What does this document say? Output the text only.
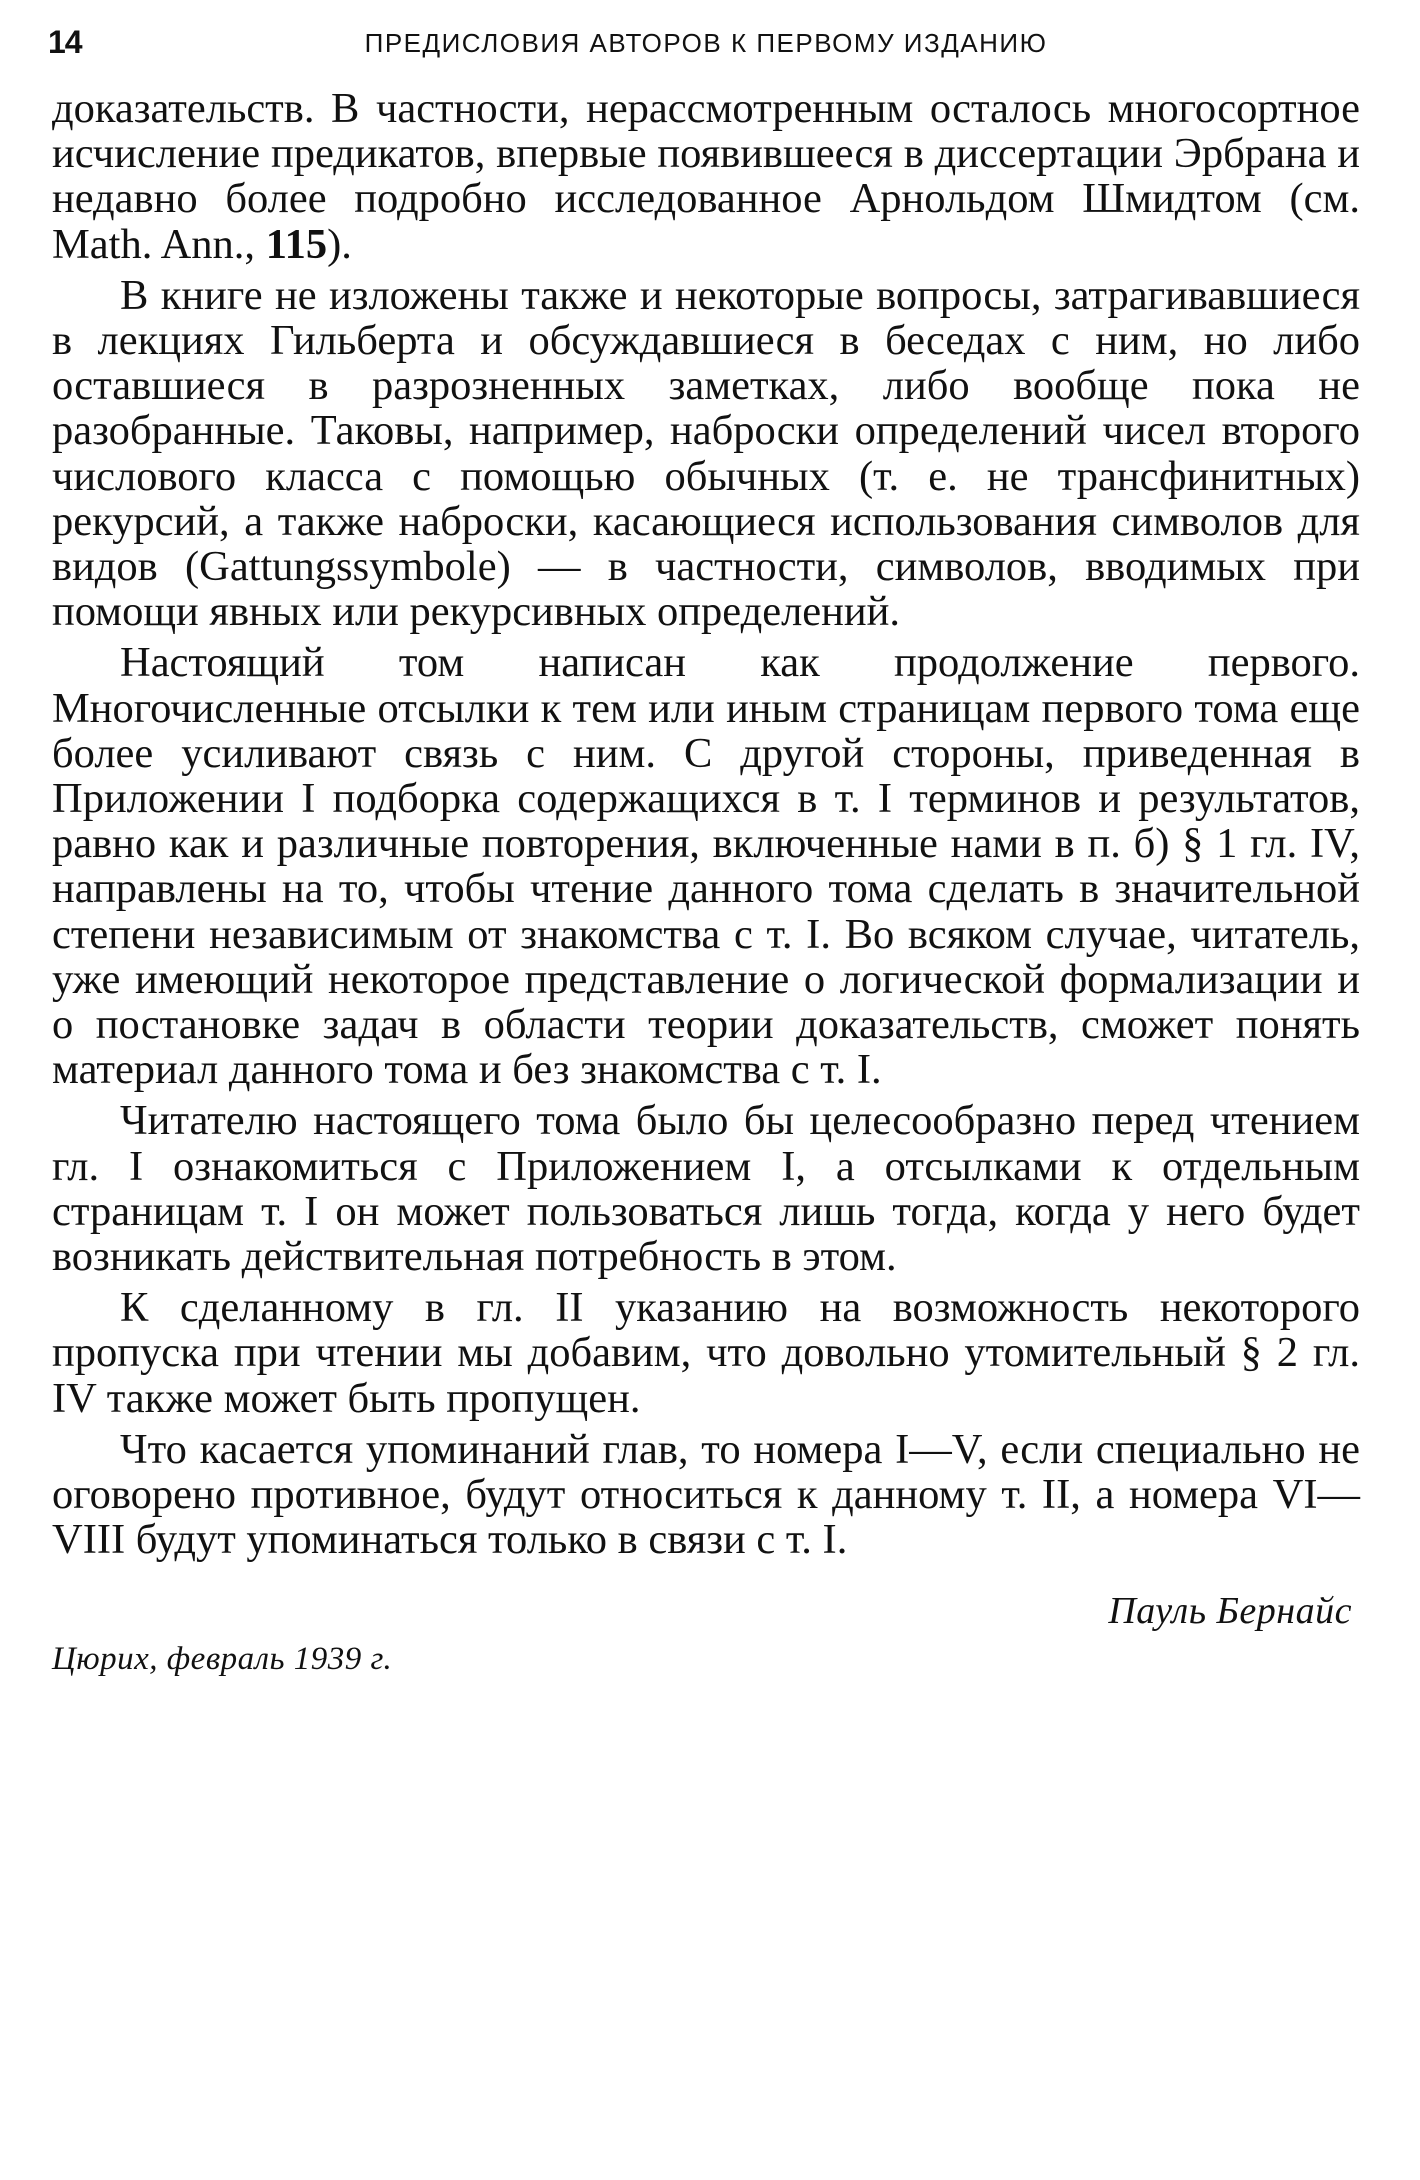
14	ПРЕДИСЛОВИЯ АВТОРОВ К ПЕРВОМУ ИЗДАНИЮ

доказательств. В частности, нерассмотренным осталось многосортное исчисление предикатов, впервые появившееся в диссертации Эрбрана и недавно более подробно исследованное Арнольдом Шмидтом (см. Math. Ann., 115).

В книге не изложены также и некоторые вопросы, затрагивавшиеся в лекциях Гильберта и обсуждавшиеся в беседах с ним, но либо оставшиеся в разрозненных заметках, либо вообще пока не разобранные. Таковы, например, наброски определений чисел второго числового класса с помощью обычных (т. е. не трансфинитных) рекурсий, а также наброски, касающиеся использования символов для видов (Gattungssymbole) — в частности, символов, вводимых при помощи явных или рекурсивных определений.

Настоящий том написан как продолжение первого. Многочисленные отсылки к тем или иным страницам первого тома еще более усиливают связь с ним. С другой стороны, приведенная в Приложении I подборка содержащихся в т. I терминов и результатов, равно как и различные повторения, включенные нами в п. б) § 1 гл. IV, направлены на то, чтобы чтение данного тома сделать в значительной степени независимым от знакомства с т. I. Во всяком случае, читатель, уже имеющий некоторое представление о логической формализации и о постановке задач в области теории доказательств, сможет понять материал данного тома и без знакомства с т. I.

Читателю настоящего тома было бы целесообразно перед чтением гл. I ознакомиться с Приложением I, а отсылками к отдельным страницам т. I он может пользоваться лишь тогда, когда у него будет возникать действительная потребность в этом.

К сделанному в гл. II указанию на возможность некоторого пропуска при чтении мы добавим, что довольно утомительный § 2 гл. IV также может быть пропущен.

Что касается упоминаний глав, то номера I—V, если специально не оговорено противное, будут относиться к данному т. II, а номера VI—VIII будут упоминаться только в связи с т. I.

Пауль Бернайс
Цюрих, февраль 1939 г.
